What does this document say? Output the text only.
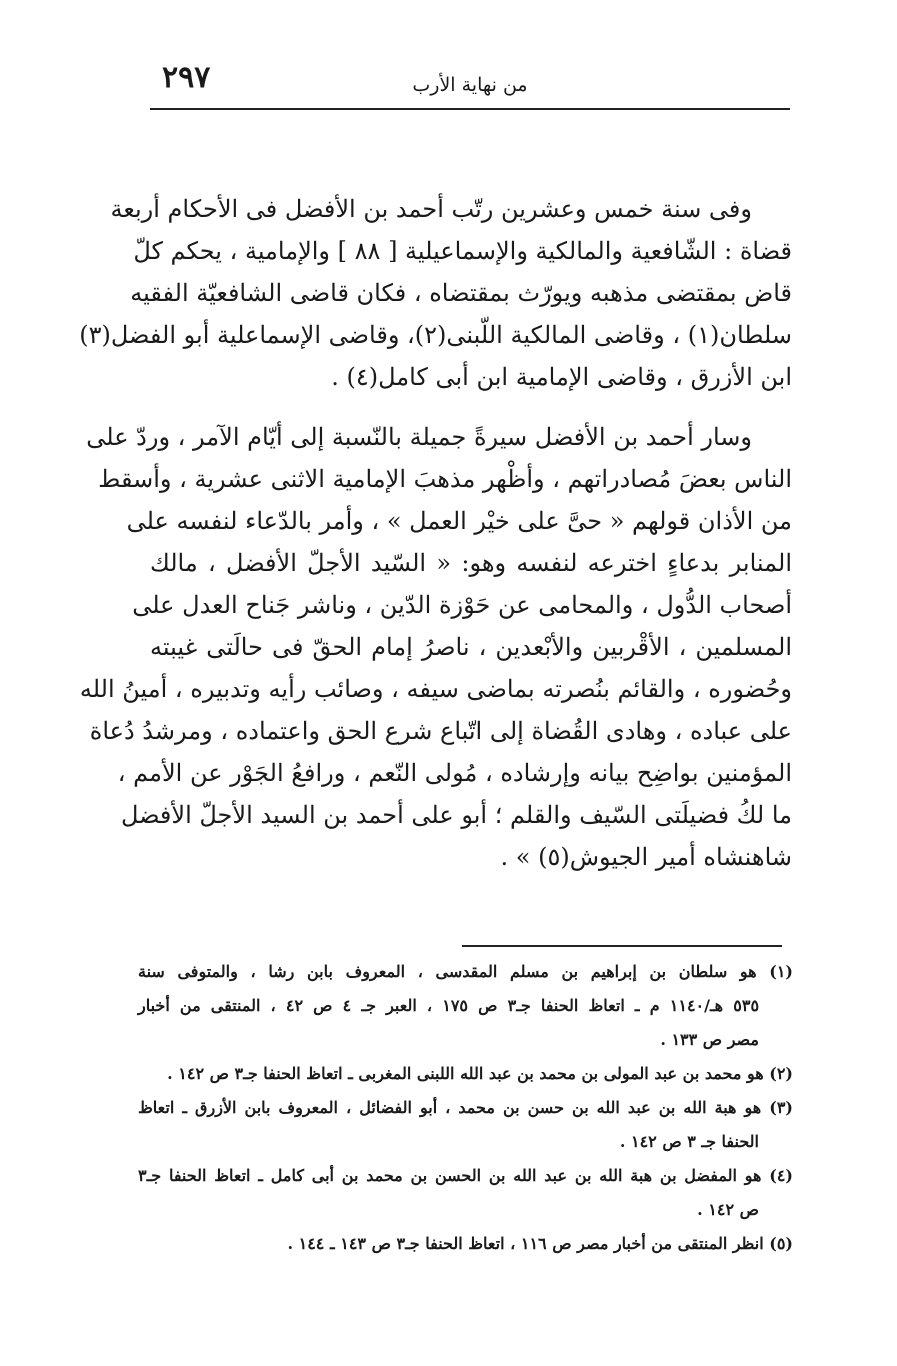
٢٩٧	من نهاية الأرب
وفى سنة خمس وعشرين رتّب أحمد بن الأفضل فى الأحكام أربعة
قضاة : الشّافعية والمالكية والإسماعيلية [ ٨٨ ] والإمامية ، يحكم كلّ
قاض بمقتضى مذهبه ويورّث بمقتضاه ، فكان قاضى الشافعيّة الفقيه
سلطان(١) ، وقاضى المالكية اللّبنى(٢)، وقاضى الإسماعلية أبو الفضل(٣)
ابن الأزرق ، وقاضى الإمامية ابن أبى كامل(٤) .
وسار أحمد بن الأفضل سيرةً جميلة بالنّسبة إلى أيّام الآمر ، وردّ على
الناس بعضَ مُصادراتهم ، وأظْهر مذهبَ الإمامية الاثنى عشرية ، وأسقط
من الأذان قولهم « حىَّ على خيْر العمل » ، وأمر بالدّعاء لنفسه على
المنابر بدعاءٍ اخترعه لنفسه وهو: « السّيد الأجلّ الأفضل ، مالك
أصحاب الدُّول ، والمحامى عن حَوْزة الدّين ، وناشر جَناح العدل على
المسلمين ، الأقْربين والأبْعدين ، ناصرُ إمام الحقّ فى حالَتى غيبته
وحُضوره ، والقائم بنُصرته بماضى سيفه ، وصائب رأيه وتدبيره ، أمينُ الله
على عباده ، وهادى القُضاة إلى اتّباع شرع الحق واعتماده ، ومرشدُ دُعاة
المؤمنين بواضِح بيانه وإرشاده ، مُولى النّعم ، ورافعُ الجَوْر عن الأمم ،
ما لكُ فضيلَتى السّيف والقلم ؛ أبو على أحمد بن السيد الأجلّ الأفضل
شاهنشاه أمير الجيوش(٥) » .
(١) هو سلطان بن إبراهيم بن مسلم المقدسى ، المعروف بابن رشا ، والمتوفى سنة
٥٣٥ هـ/١١٤٠ م ـ اتعاظ الحنفا جـ٣ ص ١٧٥ ، العبر جـ ٤ ص ٤٢ ، المنتقى من أخبار
مصر ص ١٣٣ .
(٢) هو محمد بن عبد المولى بن محمد بن عبد الله اللبنى المغربى ـ اتعاظ الحنفا جـ٣ ص ١٤٢ .
(٣) هو هبة الله بن عبد الله بن حسن بن محمد ، أبو الفضائل ، المعروف بابن الأزرق ـ اتعاظ
الحنفا جـ ٣ ص ١٤٢ .
(٤) هو المفضل بن هبة الله بن عبد الله بن الحسن بن محمد بن أبى كامل ـ اتعاظ الحنفا جـ٣
ص ١٤٢ .
(٥) انظر المنتقى من أخبار مصر ص ١١٦ ، اتعاظ الحنفا جـ٣ ص ١٤٣ ـ ١٤٤ .
